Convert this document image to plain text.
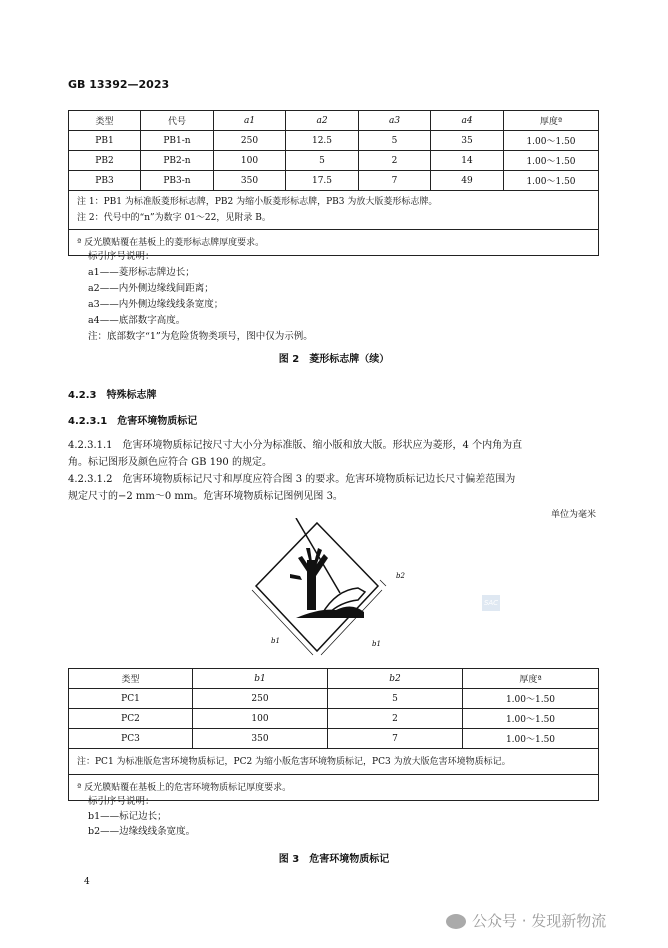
GB 13392—2023
类型	代号	a1	a2	a3	a4	厚度ª
PB1	PB1-n	250	12.5	5	35	1.00～1.50
PB2	PB2-n	100	5	2	14	1.00～1.50
PB3	PB3-n	350	17.5	7	49	1.00～1.50

注 1：PB1 为标准版菱形标志牌，PB2 为缩小版菱形标志牌，PB3 为放大版菱形标志牌。
注 2：代号中的“n”为数字 01～22，见附录 B。						

ª 反光膜贴覆在基板上的菱形标志牌厚度要求。						
标引序号说明：
a1——菱形标志牌边长；
a2——内外侧边缘线间距离；
a3——内外侧边缘线线条宽度；
a4——底部数字高度。
注：底部数字“1”为危险货物类项号，图中仅为示例。
图 2　菱形标志牌（续）
4.2.3　特殊标志牌
4.2.3.1　危害环境物质标记
4.2.3.1.1　危害环境物质标记按尺寸大小分为标准版、缩小版和放大版。形状应为菱形，4 个内角为直
角。标记图形及颜色应符合 GB 190 的规定。
4.2.3.1.2　危害环境物质标记尺寸和厚度应符合图 3 的要求。危害环境物质标记边长尺寸偏差范围为
规定尺寸的−2 mm～0 mm。危害环境物质标记图例见图 3。
单位为毫米
b1	b1
b2
SAC
类型	b1	b2	厚度ª
PC1	250	5	1.00～1.50
PC2	100	2	1.00～1.50
PC3	350	7	1.00～1.50
注：PC1 为标准版危害环境物质标记，PC2 为缩小版危害环境物质标记，PC3 为放大版危害环境物质标记。			
ª 反光膜贴覆在基板上的危害环境物质标记厚度要求。			
标引序号说明：
b1——标记边长；
b2——边缘线线条宽度。
图 3　危害环境物质标记
4
公众号 · 发现新物流
